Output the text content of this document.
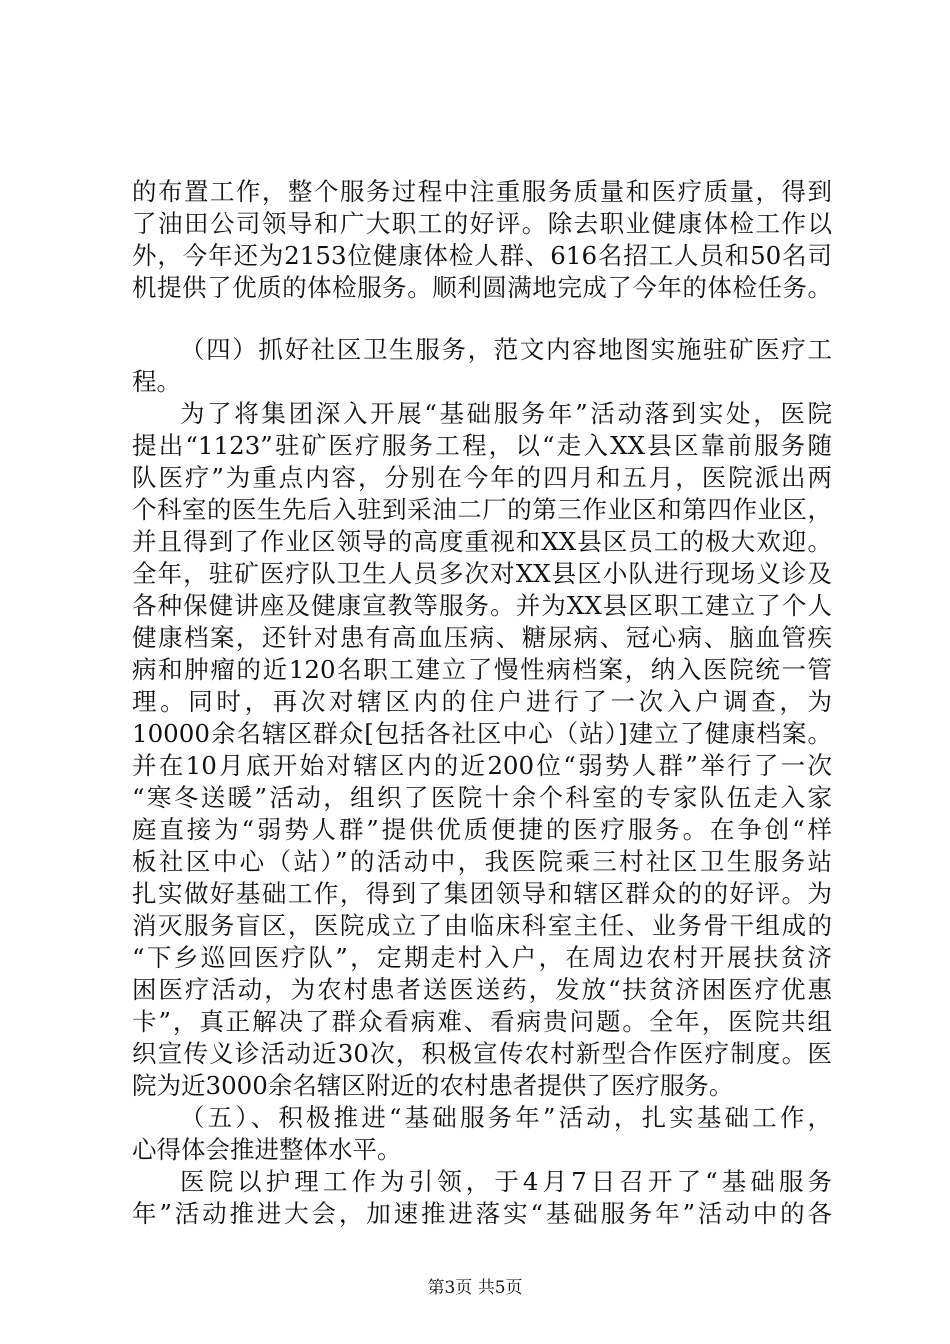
的布置工作，整个服务过程中注重服务质量和医疗质量，得到
了油田公司领导和广大职工的好评。除去职业健康体检工作以
外，今年还为2153位健康体检人群、616名招工人员和50名司
机提供了优质的体检服务。顺利圆满地完成了今年的体检任务。
（四）抓好社区卫生服务，范文内容地图实施驻矿医疗工
程。
为了将集团深入开展“基础服务年”活动落到实处，医院
提出“1123”驻矿医疗服务工程，以“走入XX县区靠前服务随
队医疗”为重点内容，分别在今年的四月和五月，医院派出两
个科室的医生先后入驻到采油二厂的第三作业区和第四作业区，
并且得到了作业区领导的高度重视和XX县区员工的极大欢迎。
全年，驻矿医疗队卫生人员多次对XX县区小队进行现场义诊及
各种保健讲座及健康宣教等服务。并为XX县区职工建立了个人
健康档案，还针对患有高血压病、糖尿病、冠心病、脑血管疾
病和肿瘤的近120名职工建立了慢性病档案，纳入医院统一管
理。同时，再次对辖区内的住户进行了一次入户调查，为
10000余名辖区群众[包括各社区中心（站）]建立了健康档案。
并在10月底开始对辖区内的近200位“弱势人群”举行了一次
“寒冬送暖”活动，组织了医院十余个科室的专家队伍走入家
庭直接为“弱势人群”提供优质便捷的医疗服务。在争创“样
板社区中心（站）”的活动中，我医院乘三村社区卫生服务站
扎实做好基础工作，得到了集团领导和辖区群众的的好评。为
消灭服务盲区，医院成立了由临床科室主任、业务骨干组成的
“下乡巡回医疗队”，定期走村入户，在周边农村开展扶贫济
困医疗活动，为农村患者送医送药，发放“扶贫济困医疗优惠
卡”，真正解决了群众看病难、看病贵问题。全年，医院共组
织宣传义诊活动近30次，积极宣传农村新型合作医疗制度。医
院为近3000余名辖区附近的农村患者提供了医疗服务。
（五）、积极推进“基础服务年”活动，扎实基础工作，
心得体会推进整体水平。
医院以护理工作为引领，于4月7日召开了“基础服务
年”活动推进大会，加速推进落实“基础服务年”活动中的各
第3页 共5页
